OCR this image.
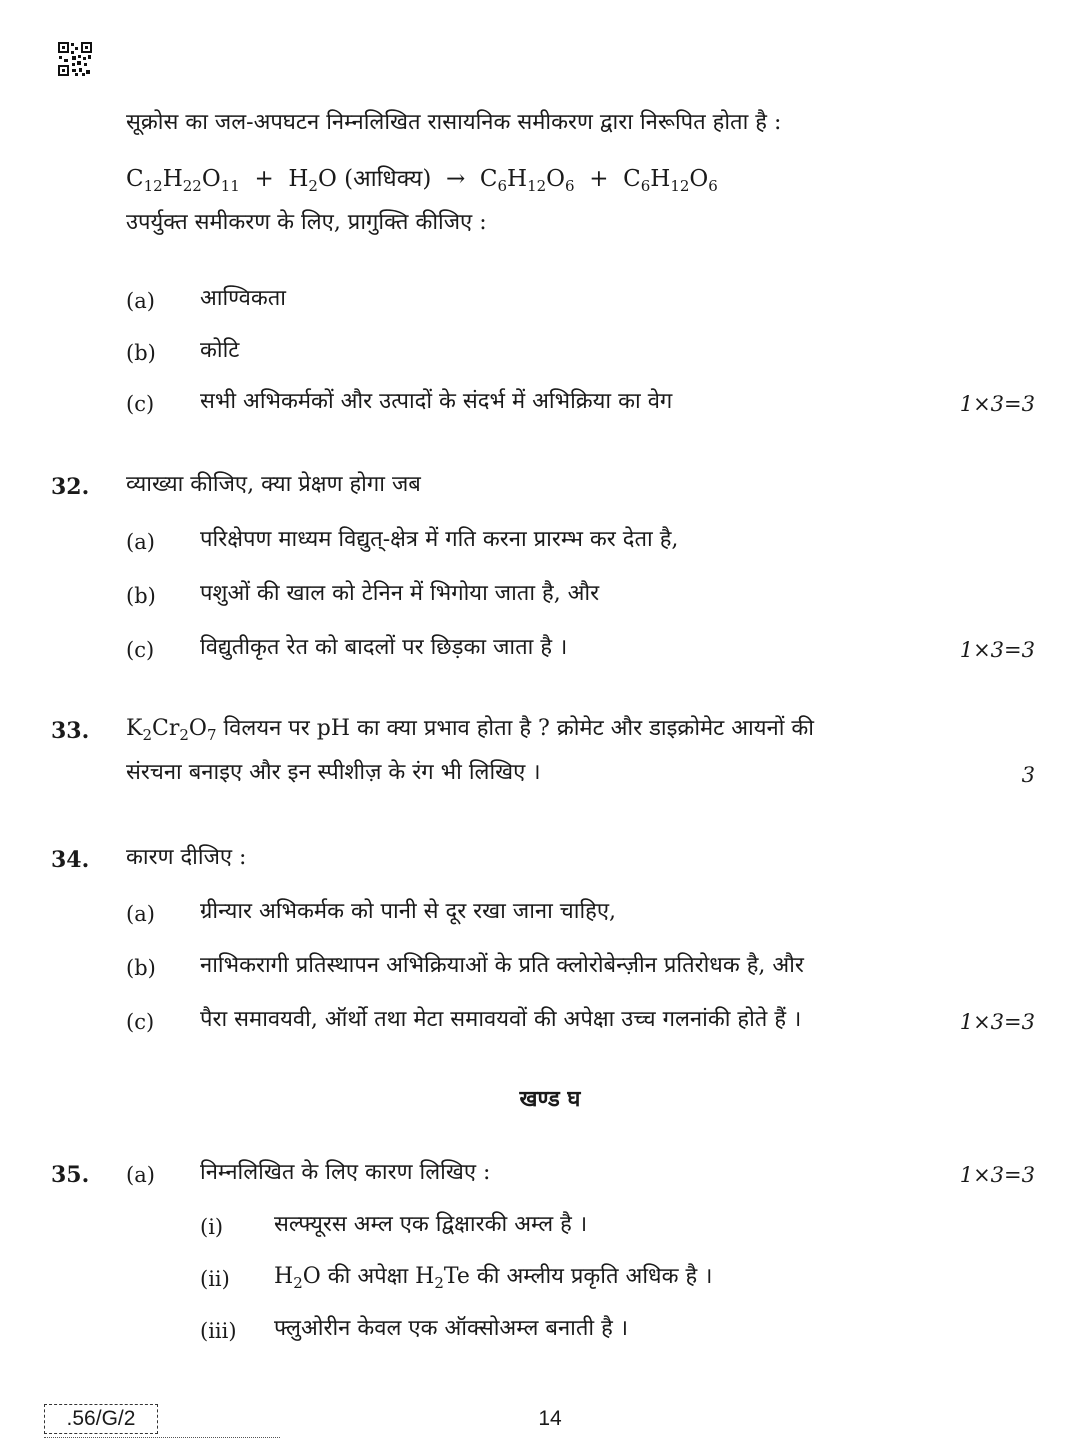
सूक्रोस का जल-अपघटन निम्नलिखित रासायनिक समीकरण द्वारा निरूपित होता है :
$C_{12}H_{22}O_{11} + H_2O$ (आधिक्य) → $C_6H_{12}O_6 + C_6H_{12}O_6$
उपर्युक्त समीकरण के लिए, प्रागुक्ति कीजिए :
(a) आण्विकता
(b) कोटि
(c) सभी अभिकर्मकों और उत्पादों के संदर्भ में अभिक्रिया का वेग	1×3=3
32. व्याख्या कीजिए, क्या प्रेक्षण होगा जब
(a) परिक्षेपण माध्यम विद्युत्-क्षेत्र में गति करना प्रारम्भ कर देता है,
(b) पशुओं की खाल को टेनिन में भिगोया जाता है, और
(c) विद्युतीकृत रेत को बादलों पर छिड़का जाता है ।	1×3=3
33. $K_2Cr_2O_7$ विलयन पर pH का क्या प्रभाव होता है ? क्रोमेट और डाइक्रोमेट आयनों की
संरचना बनाइए और इन स्पीशीज़ के रंग भी लिखिए ।	3
34. कारण दीजिए :
(a) ग्रीन्यार अभिकर्मक को पानी से दूर रखा जाना चाहिए,
(b) नाभिकरागी प्रतिस्थापन अभिक्रियाओं के प्रति क्लोरोबेन्ज़ीन प्रतिरोधक है, और
(c) पैरा समावयवी, ऑर्थो तथा मेटा समावयवों की अपेक्षा उच्च गलनांकी होते हैं ।	1×3=3
खण्ड घ
35. (a) निम्नलिखित के लिए कारण लिखिए :	1×3=3
(i) सल्फ्यूरस अम्ल एक द्विक्षारकी अम्ल है ।
(ii) $H_2O$ की अपेक्षा $H_2Te$ की अम्लीय प्रकृति अधिक है ।
(iii) फ्लुओरीन केवल एक ऑक्सोअम्ल बनाती है ।
.56/G/2	14
